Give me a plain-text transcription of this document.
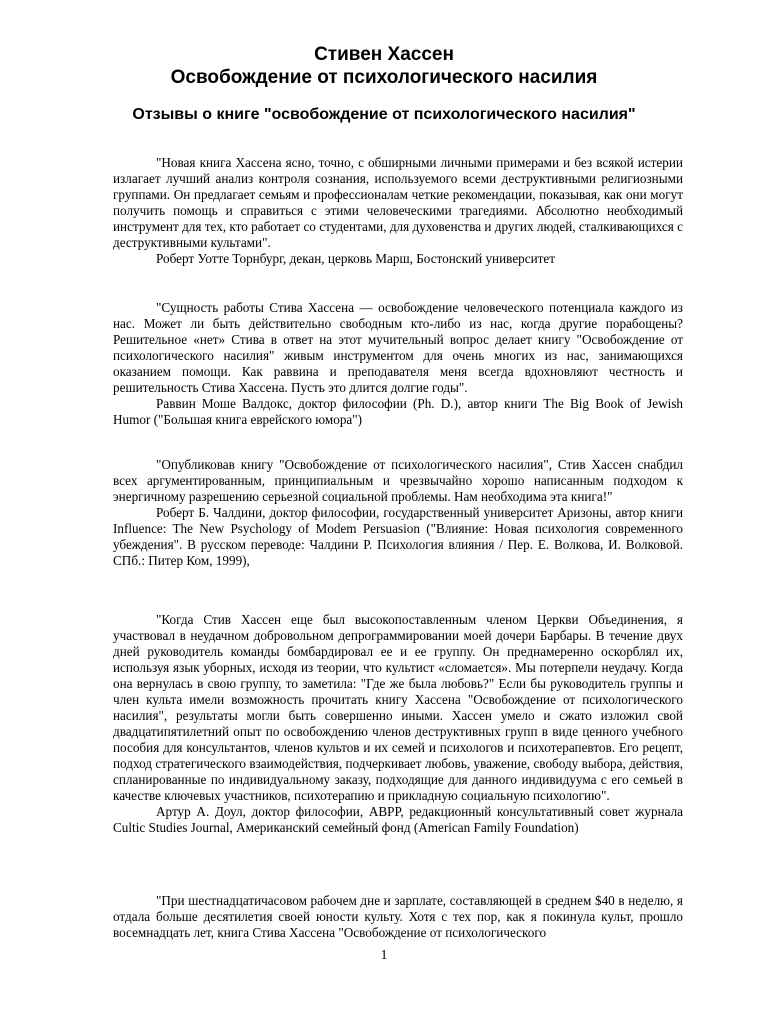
Стивен Хассен
Освобождение от психологического насилия
Отзывы о книге "освобождение от психологического насилия"

"Новая книга Хассена ясно, точно, с обширными личными примерами и без всякой истерии излагает лучший анализ контроля сознания, используемого всеми деструктивными религиозными группами. Он предлагает семьям и профессионалам четкие рекомендации, показывая, как они могут получить помощь и справиться с этими человеческими трагедиями. Абсолютно необходимый инструмент для тех, кто работает со студентами, для духовенства и других людей, сталкивающихся с деструктивными культами".

Роберт Уотте Торнбург, декан, церковь Марш, Бостонский университет

"Сущность работы Стива Хассена — освобождение человеческого потенциала каждого из нас. Может ли быть действительно свободным кто-либо из нас, когда другие порабощены? Решительное «нет» Стива в ответ на этот мучительный вопрос делает книгу "Освобождение от психологического насилия" живым инструментом для очень многих из нас, занимающихся оказанием помощи. Как раввина и преподавателя меня всегда вдохновляют честность и решительность Стива Хассена. Пусть это длится долгие годы".

Раввин Моше Валдокс, доктор философии (Ph. D.), автор книги The Big Book of Jewish Humor ("Большая книга еврейского юмора")

"Опубликовав книгу "Освобождение от психологического насилия", Стив Хассен снабдил всех аргументированным, принципиальным и чрезвычайно хорошо написанным подходом к энергичному разрешению серьезной социальной проблемы. Нам необходима эта книга!"

Роберт Б. Чалдини, доктор философии, государственный университет Аризоны, автор книги Influence: The New Psychology of Modem Persuasion ("Влияние: Новая психология современного убеждения". В русском переводе: Чалдини Р. Психология влияния / Пер. Е. Волкова, И. Волковой. СПб.: Питер Ком, 1999),

"Когда Стив Хассен еще был высокопоставленным членом Церкви Объединения, я участвовал в неудачном добровольном депрограммировании моей дочери Барбары. В течение двух дней руководитель команды бомбардировал ее и ее группу. Он преднамеренно оскорблял их, используя язык уборных, исходя из теории, что культист «сломается». Мы потерпели неудачу. Когда она вернулась в свою группу, то заметила: "Где же была любовь?" Если бы руководитель группы и член культа имели возможность прочитать книгу Хассена "Освобождение от психологического насилия", результаты могли быть совершенно иными. Хассен умело и сжато изложил свой двадцатипятилетний опыт по освобождению членов деструктивных групп в виде ценного учебного пособия для консультантов, членов культов и их семей и психологов и психотерапевтов. Его рецепт, подход стратегического взаимодействия, подчеркивает любовь, уважение, свободу выбора, действия, спланированные по индивидуальному заказу, подходящие для данного индивидуума с его семьей в качестве ключевых участников, психотерапию и прикладную социальную психологию".

Артур А. Доул, доктор философии, ABPP, редакционный консультативный совет журнала Cultic Studies Journal, Американский семейный фонд (American Family Foundation)

"При шестнадцатичасовом рабочем дне и зарплате, составляющей в среднем $40 в неделю, я отдала больше десятилетия своей юности культу. Хотя с тех пор, как я покинула культ, прошло восемнадцать лет, книга Стива Хассена "Освобождение от психологического

1
